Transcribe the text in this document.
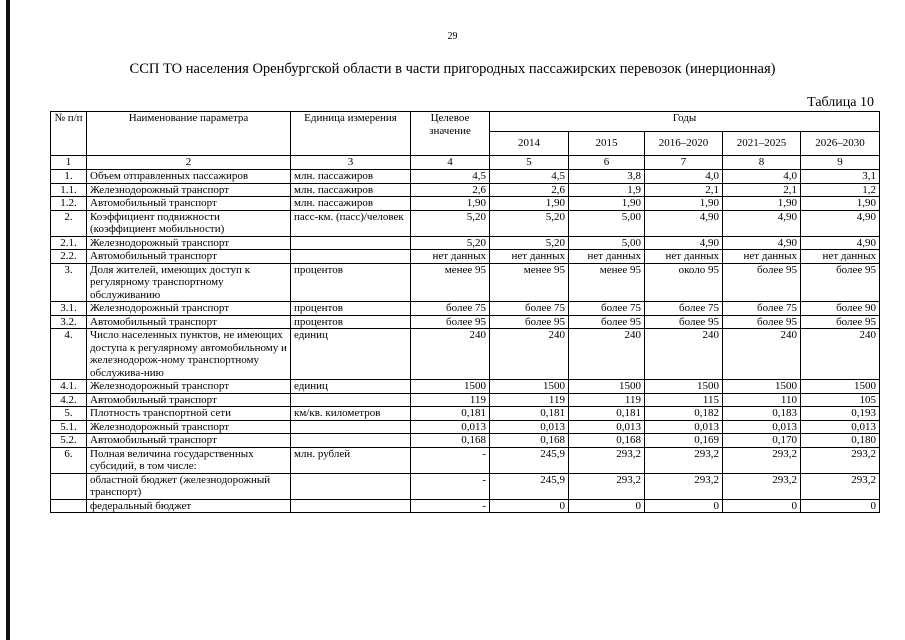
29
ССП ТО населения Оренбургской области в части пригородных пассажирских перевозок (инерционная)
Таблица 10
№ п/п	Наименование параметра	Единица измерения	Целевое значение	Годы				
				2014	2015	2016–2020	2021–2025	2026–2030
1	2	3	4	5	6	7	8	9
1.	Объем отправленных пассажиров	млн. пассажиров	4,5	4,5	3,8	4,0	4,0	3,1
1.1.	Железнодорожный транспорт	млн. пассажиров	2,6	2,6	1,9	2,1	2,1	1,2
1.2.	Автомобильный транспорт	млн. пассажиров	1,90	1,90	1,90	1,90	1,90	1,90
2.	Коэффициент подвижности (коэффициент мобильности)	пасс-км. (пасс)/человек	5,20	5,20	5,00	4,90	4,90	4,90
2.1.	Железнодорожный транспорт		5,20	5,20	5,00	4,90	4,90	4,90
2.2.	Автомобильный транспорт		нет данных	нет данных	нет данных	нет данных	нет данных	нет данных
3.	Доля жителей, имеющих доступ к регулярному транспортному обслуживанию	процентов	менее 95	менее 95	менее 95	около 95	более 95	более 95
3.1.	Железнодорожный транспорт	процентов	более 75	более 75	более 75	более 75	более 75	более 90
3.2.	Автомобильный транспорт	процентов	более 95	более 95	более 95	более 95	более 95	более 95
4.	Число населенных пунктов, не имеющих доступа к регулярному автомобильному и железнодорож-ному транспортному обслужива-нию	единиц	240	240	240	240	240	240
4.1.	Железнодорожный транспорт	единиц	1500	1500	1500	1500	1500	1500
4.2.	Автомобильный транспорт		119	119	119	115	110	105
5.	Плотность транспортной сети	км/кв. километров	0,181	0,181	0,181	0,182	0,183	0,193
5.1.	Железнодорожный транспорт		0,013	0,013	0,013	0,013	0,013	0,013
5.2.	Автомобильный транспорт		0,168	0,168	0,168	0,169	0,170	0,180
6.	Полная величина государственных субсидий, в том числе:	млн. рублей	-	245,9	293,2	293,2	293,2	293,2
	областной бюджет (железнодорожный транспорт)		-	245,9	293,2	293,2	293,2	293,2
	федеральный бюджет		-	0	0	0	0	0
